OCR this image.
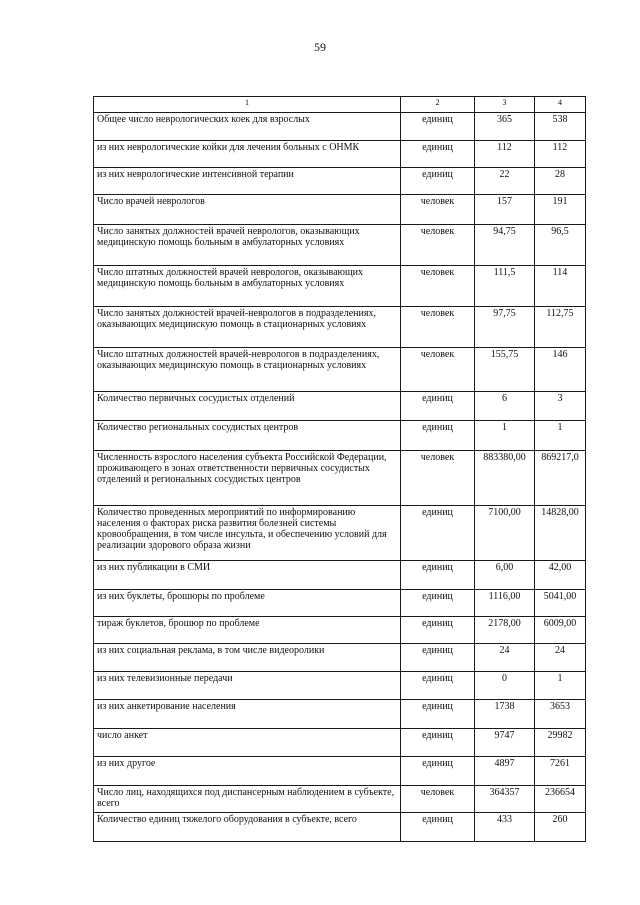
59
1	2	3	4
Общее число неврологических коек для взрослых	единиц	365	538
из них неврологические койки для лечения больных с ОНМК	единиц	112	112
из них неврологические интенсивной терапии	единиц	22	28
Число врачей неврологов	человек	157	191
Число занятых должностей врачей неврологов, оказывающих медицинскую помощь больным в амбулаторных условиях	человек	94,75	96,5
Число штатных должностей врачей неврологов, оказывающих медицинскую помощь больным в амбулаторных условиях	человек	111,5	114
Число занятых должностей врачей-неврологов в подразделениях, оказывающих медицинскую помощь в стационарных условиях	человек	97,75	112,75
Число штатных должностей врачей-неврологов в подразделениях, оказывающих медицинскую помощь в стационарных условиях	человек	155,75	146
Количество первичных сосудистых отделений	единиц	6	3
Количество региональных сосудистых центров	единиц	1	1
Численность взрослого населения субъекта Российской Федерации, проживающего в зонах ответственности первичных сосудистых отделений и региональных сосудистых центров	человек	883380,00	869217,0
Количество проведенных мероприятий по информированию населения о факторах риска развития болезней системы кровообращения, в том числе инсульта, и обеспечению условий для реализации здорового образа жизни	единиц	7100,00	14828,00
из них публикации в СМИ	единиц	6,00	42,00
из них буклеты, брошюры по проблеме	единиц	1116,00	5041,00
тираж буклетов, брошюр по проблеме	единиц	2178,00	6009,00
из них социальная реклама, в том числе видеоролики	единиц	24	24
из них телевизионные передачи	единиц	0	1
из них анкетирование населения	единиц	1738	3653
число анкет	единиц	9747	29982
из них другое	единиц	4897	7261
Число лиц, находящихся под диспансерным наблюдением в субъекте, всего	человек	364357	236654
Количество единиц тяжелого оборудования в субъекте, всего	единиц	433	260
